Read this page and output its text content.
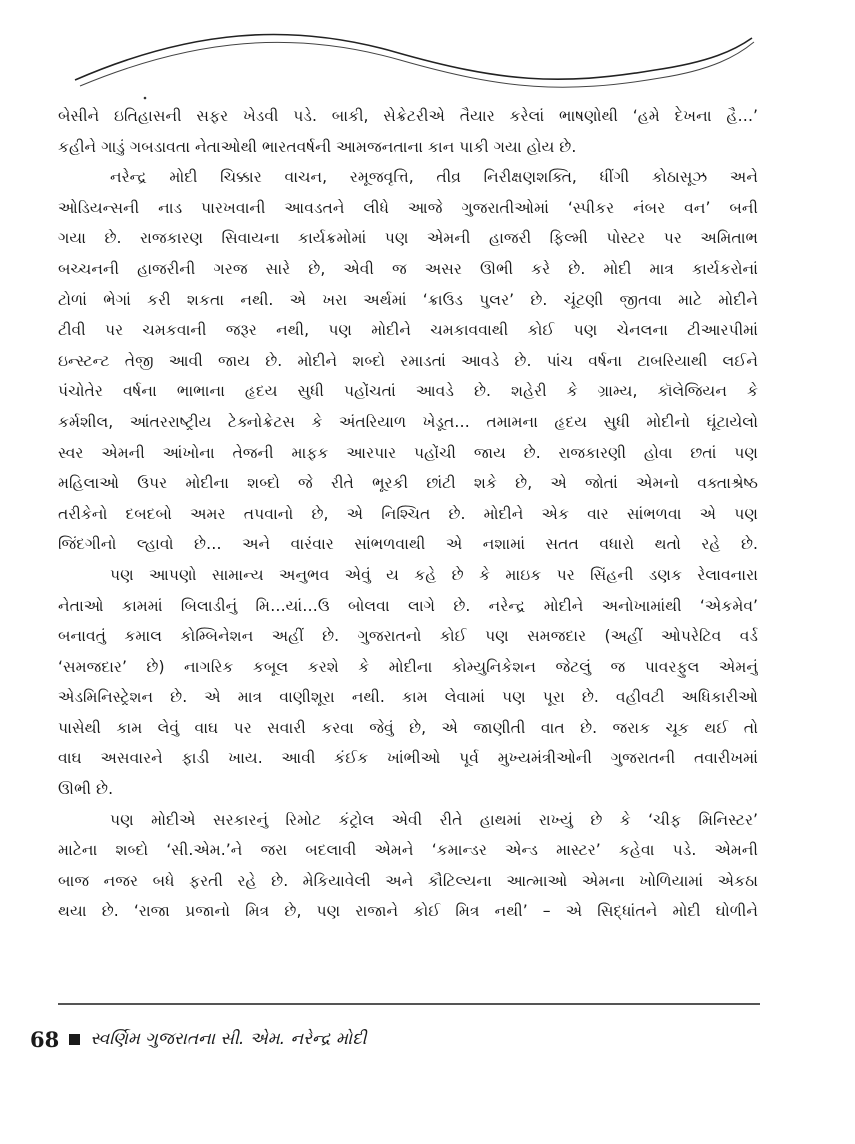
બેસીને ઇતિહાસની સફર ખેડવી પડે. બાકી, સેક્રેટરીએ તૈયાર કરેલાં ભાષણોથી ‘હમે દેખના હૈ…’
કહીને ગાડું ગબડાવતા નેતાઓથી ભારતવર્ષની આમજનતાના કાન પાકી ગયા હોય છે.
નરેન્દ્ર મોદી ચિક્કાર વાચન, રમૂજવૃત્તિ, તીવ્ર નિરીક્ષણશક્તિ, ધીંગી કોઠાસૂઝ અને
ઓડિયન્સની નાડ પારખવાની આવડતને લીધે આજે ગુજરાતીઓમાં ‘સ્પીકર નંબર વન’ બની
ગયા છે. રાજકારણ સિવાયના કાર્યક્રમોમાં પણ એમની હાજરી ફિલ્મી પોસ્ટર પર અમિતાભ
બચ્ચનની હાજરીની ગરજ સારે છે, એવી જ અસર ઊભી કરે છે. મોદી માત્ર કાર્યકરોનાં
ટોળાં ભેગાં કરી શકતા નથી. એ ખરા અર્થમાં ‘ક્રાઉડ પુલર’ છે. ચૂંટણી જીતવા માટે મોદીને
ટીવી પર ચમકવાની જરૂર નથી, પણ મોદીને ચમકાવવાથી કોઈ પણ ચેનલના ટીઆરપીમાં
ઇન્સ્ટન્ટ તેજી આવી જાય છે. મોદીને શબ્દો રમાડતાં આવડે છે. પાંચ વર્ષના ટાબરિયાથી લઈને
પંચોતેર વર્ષના ભાભાના હૃદય સુધી પહોંચતાં આવડે છે. શહેરી કે ગ્રામ્ય, કૉલેજિયન કે
કર્મશીલ, આંતરરાષ્ટ્રીય ટેક્નોક્રેટસ કે અંતરિયાળ ખેડૂત… તમામના હૃદય સુધી મોદીનો ઘૂંટાયેલો
સ્વર એમની આંખોના તેજની માફક આરપાર પહોંચી જાય છે. રાજકારણી હોવા છતાં પણ
મહિલાઓ ઉપર મોદીના શબ્દો જે રીતે ભૂરકી છાંટી શકે છે, એ જોતાં એમનો વક્તાશ્રેષ્ઠ
તરીકેનો દબદબો અમર તપવાનો છે, એ નિશ્ચિત છે. મોદીને એક વાર સાંભળવા એ પણ
જિંદગીનો લ્હાવો છે… અને વારંવાર સાંભળવાથી એ નશામાં સતત વધારો થતો રહે છે.
પણ આપણો સામાન્ય અનુભવ એવું ય કહે છે કે માઇક પર સિંહની ડણક રેલાવનારા
નેતાઓ કામમાં બિલાડીનું મિ…યાં…ઉ બોલવા લાગે છે. નરેન્દ્ર મોદીને અનોખામાંથી ‘એકમેવ’
બનાવતું કમાલ કોમ્બિનેશન અહીં છે. ગુજરાતનો કોઈ પણ સમજદાર (અહીં ઓપરેટિવ વર્ડ
‘સમજદાર’ છે) નાગરિક કબૂલ કરશે કે મોદીના કોમ્યુનિકેશન જેટલું જ પાવરફુલ એમનું
એડમિનિસ્ટ્રેશન છે. એ માત્ર વાણીશૂરા નથી. કામ લેવામાં પણ પૂરા છે. વહીવટી અધિકારીઓ
પાસેથી કામ લેવું વાઘ પર સવારી કરવા જેવું છે, એ જાણીતી વાત છે. જરાક ચૂક થઈ તો
વાઘ અસવારને ફાડી ખાય. આવી કંઈક ખાંભીઓ પૂર્વ મુખ્યમંત્રીઓની ગુજરાતની તવારીખમાં
ઊભી છે.
પણ મોદીએ સરકારનું રિમોટ કંટ્રોલ એવી રીતે હાથમાં રાખ્યું છે કે ‘ચીફ મિનિસ્ટર’
માટેના શબ્દો ‘સી.એમ.’ને જરા બદલાવી એમને ‘કમાન્ડર એન્ડ માસ્ટર’ કહેવા પડે. એમની
બાજ નજર બધે ફરતી રહે છે. મેકિયાવેલી અને કૌટિલ્યના આત્માઓ એમના ખોળિયામાં એકઠા
થયા છે. ‘રાજા પ્રજાનો મિત્ર છે, પણ રાજાને કોઈ મિત્ર નથી’ – એ સિદ્ધાંતને મોદી ઘોળીને
68 સ્વર્ણિમ ગુજરાતના સી. એમ. નરેન્દ્ર મોદી
